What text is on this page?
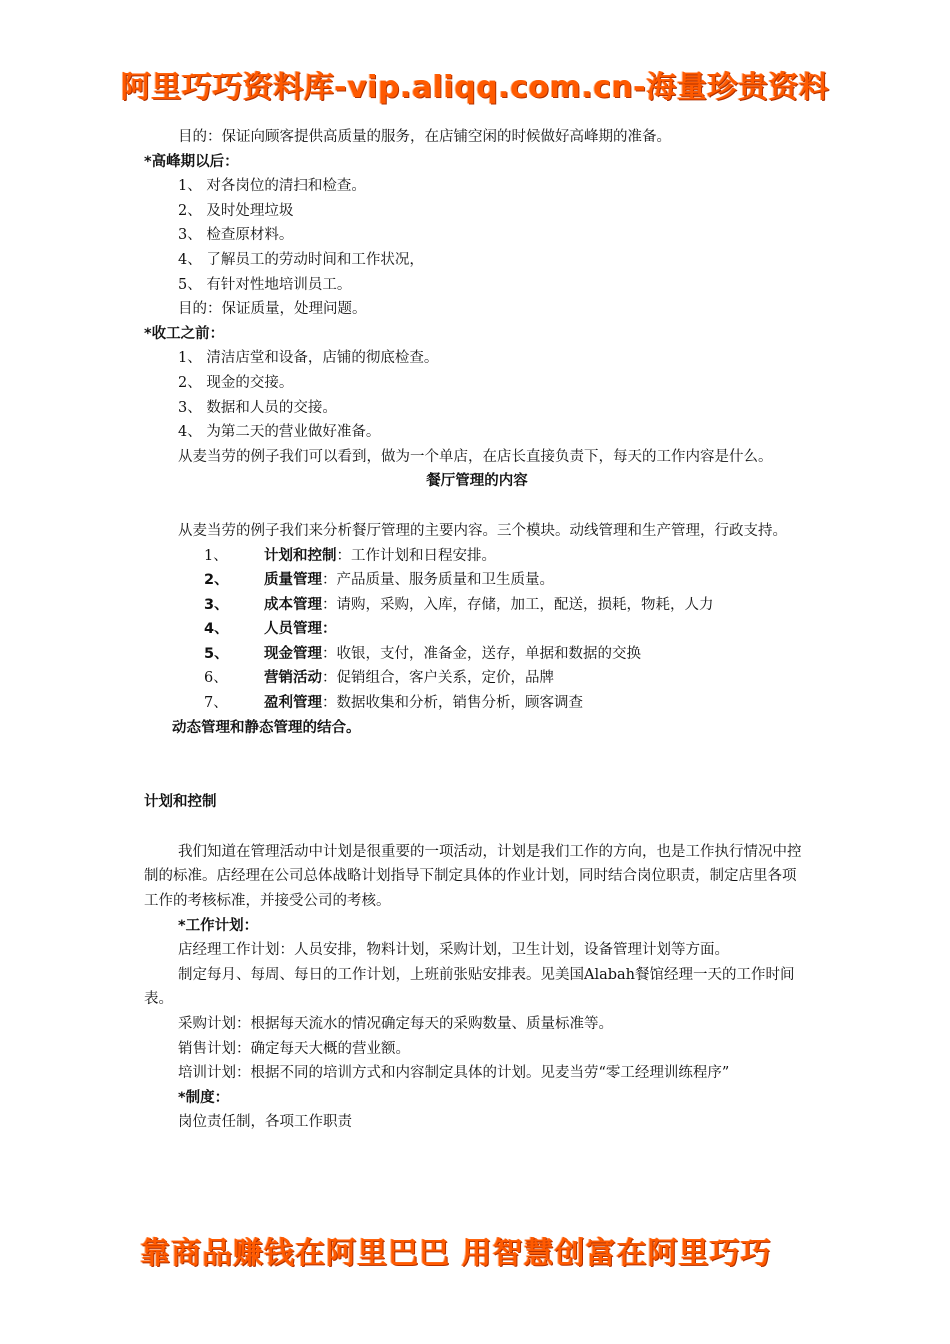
阿里巧巧资料库-vip.aliqq.com.cn-海量珍贵资料

目的：保证向顾客提供高质量的服务，在店铺空闲的时候做好高峰期的准备。

*高峰期以后：

1、 对各岗位的清扫和检查。

2、 及时处理垃圾

3、 检查原材料。

4、 了解员工的劳动时间和工作状况，

5、 有针对性地培训员工。

目的：保证质量，处理问题。

*收工之前：

1、 清洁店堂和设备，店铺的彻底检查。

2、 现金的交接。

3、 数据和人员的交接。

4、 为第二天的营业做好准备。

从麦当劳的例子我们可以看到，做为一个单店，在店长直接负责下，每天的工作内容是什么。

餐厅管理的内容

从麦当劳的例子我们来分析餐厅管理的主要内容。三个模块。动线管理和生产管理，行政支持。

1、	计划和控制：工作计划和日程安排。

2、 质量管理：产品质量、服务质量和卫生质量。

3、 成本管理：请购，采购，入库，存储，加工，配送，损耗，物耗，人力

4、 人员管理：

5、 现金管理：收银，支付，准备金，送存，单据和数据的交换

6、	营销活动：促销组合，客户关系，定价，品牌

7、	盈利管理：数据收集和分析，销售分析，顾客调查

动态管理和静态管理的结合。

计划和控制

我们知道在管理活动中计划是很重要的一项活动，计划是我们工作的方向，也是工作执行情况中控制的标准。店经理在公司总体战略计划指导下制定具体的作业计划，同时结合岗位职责，制定店里各项工作的考核标准，并接受公司的考核。

*工作计划：

店经理工作计划：人员安排，物料计划，采购计划，卫生计划，设备管理计划等方面。

制定每月、每周、每日的工作计划，上班前张贴安排表。见美国Alabah餐馆经理一天的工作时间表。

采购计划：根据每天流水的情况确定每天的采购数量、质量标准等。

销售计划：确定每天大概的营业额。

培训计划：根据不同的培训方式和内容制定具体的计划。见麦当劳“零工经理训练程序”

*制度：

岗位责任制，各项工作职责

靠商品赚钱在阿里巴巴 用智慧创富在阿里巧巧
